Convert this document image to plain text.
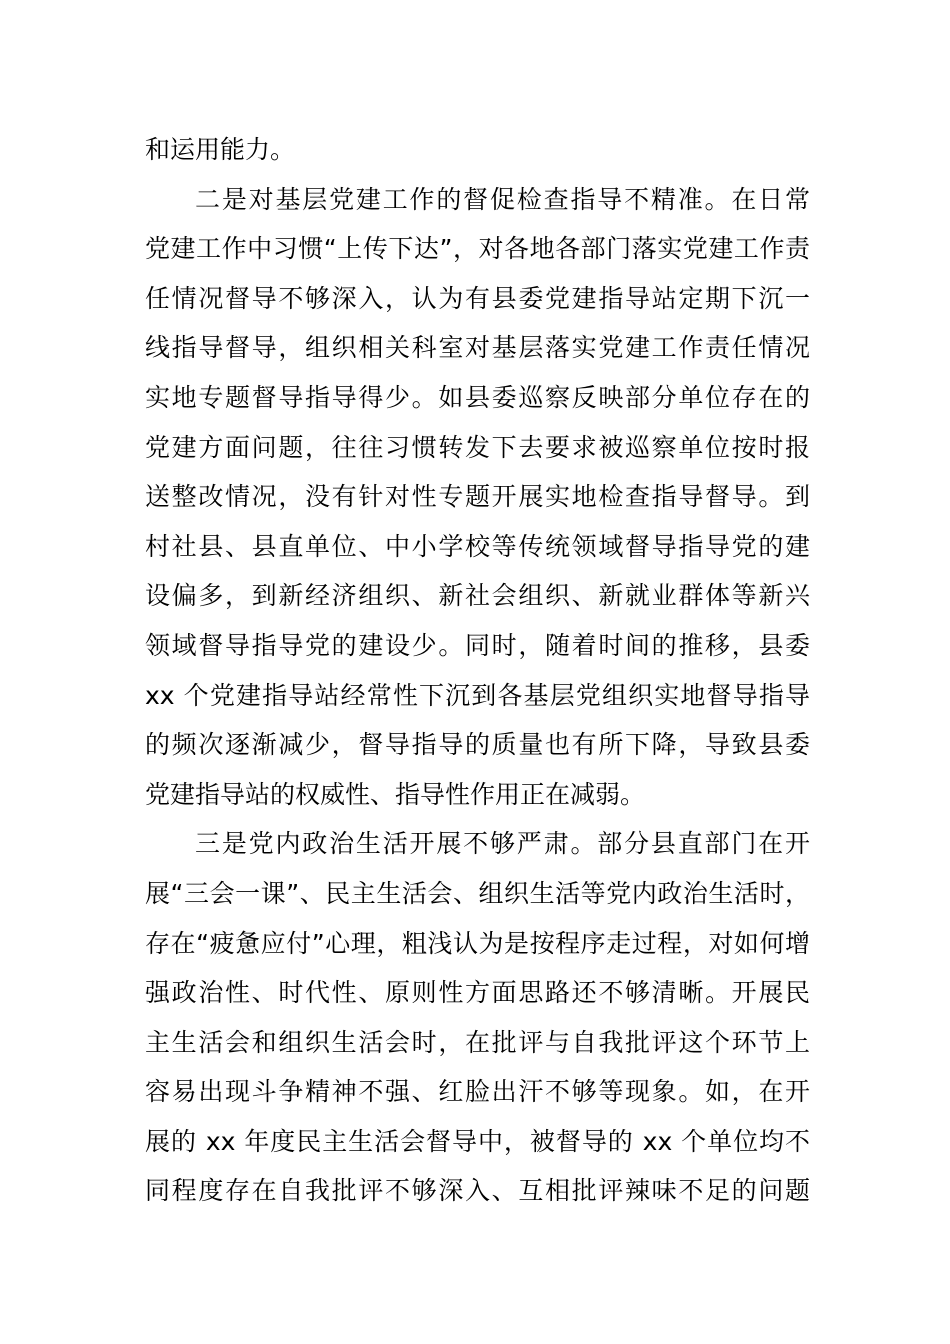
和运用能力。
二是对基层党建工作的督促检查指导不精准。在日常
党建工作中习惯“上传下达”，对各地各部门落实党建工作责
任情况督导不够深入，认为有县委党建指导站定期下沉一
线指导督导，组织相关科室对基层落实党建工作责任情况
实地专题督导指导得少。如县委巡察反映部分单位存在的
党建方面问题，往往习惯转发下去要求被巡察单位按时报
送整改情况，没有针对性专题开展实地检查指导督导。到
村社县、县直单位、中小学校等传统领域督导指导党的建
设偏多，到新经济组织、新社会组织、新就业群体等新兴
领域督导指导党的建设少。同时，随着时间的推移，县委
xx 个党建指导站经常性下沉到各基层党组织实地督导指导
的频次逐渐减少，督导指导的质量也有所下降，导致县委
党建指导站的权威性、指导性作用正在减弱。
三是党内政治生活开展不够严肃。部分县直部门在开
展“三会一课”、民主生活会、组织生活等党内政治生活时，
存在“疲惫应付”心理，粗浅认为是按程序走过程，对如何增
强政治性、时代性、原则性方面思路还不够清晰。开展民
主生活会和组织生活会时，在批评与自我批评这个环节上
容易出现斗争精神不强、红脸出汗不够等现象。如，在开
展的 xx 年度民主生活会督导中，被督导的 xx 个单位均不
同程度存在自我批评不够深入、互相批评辣味不足的问题
